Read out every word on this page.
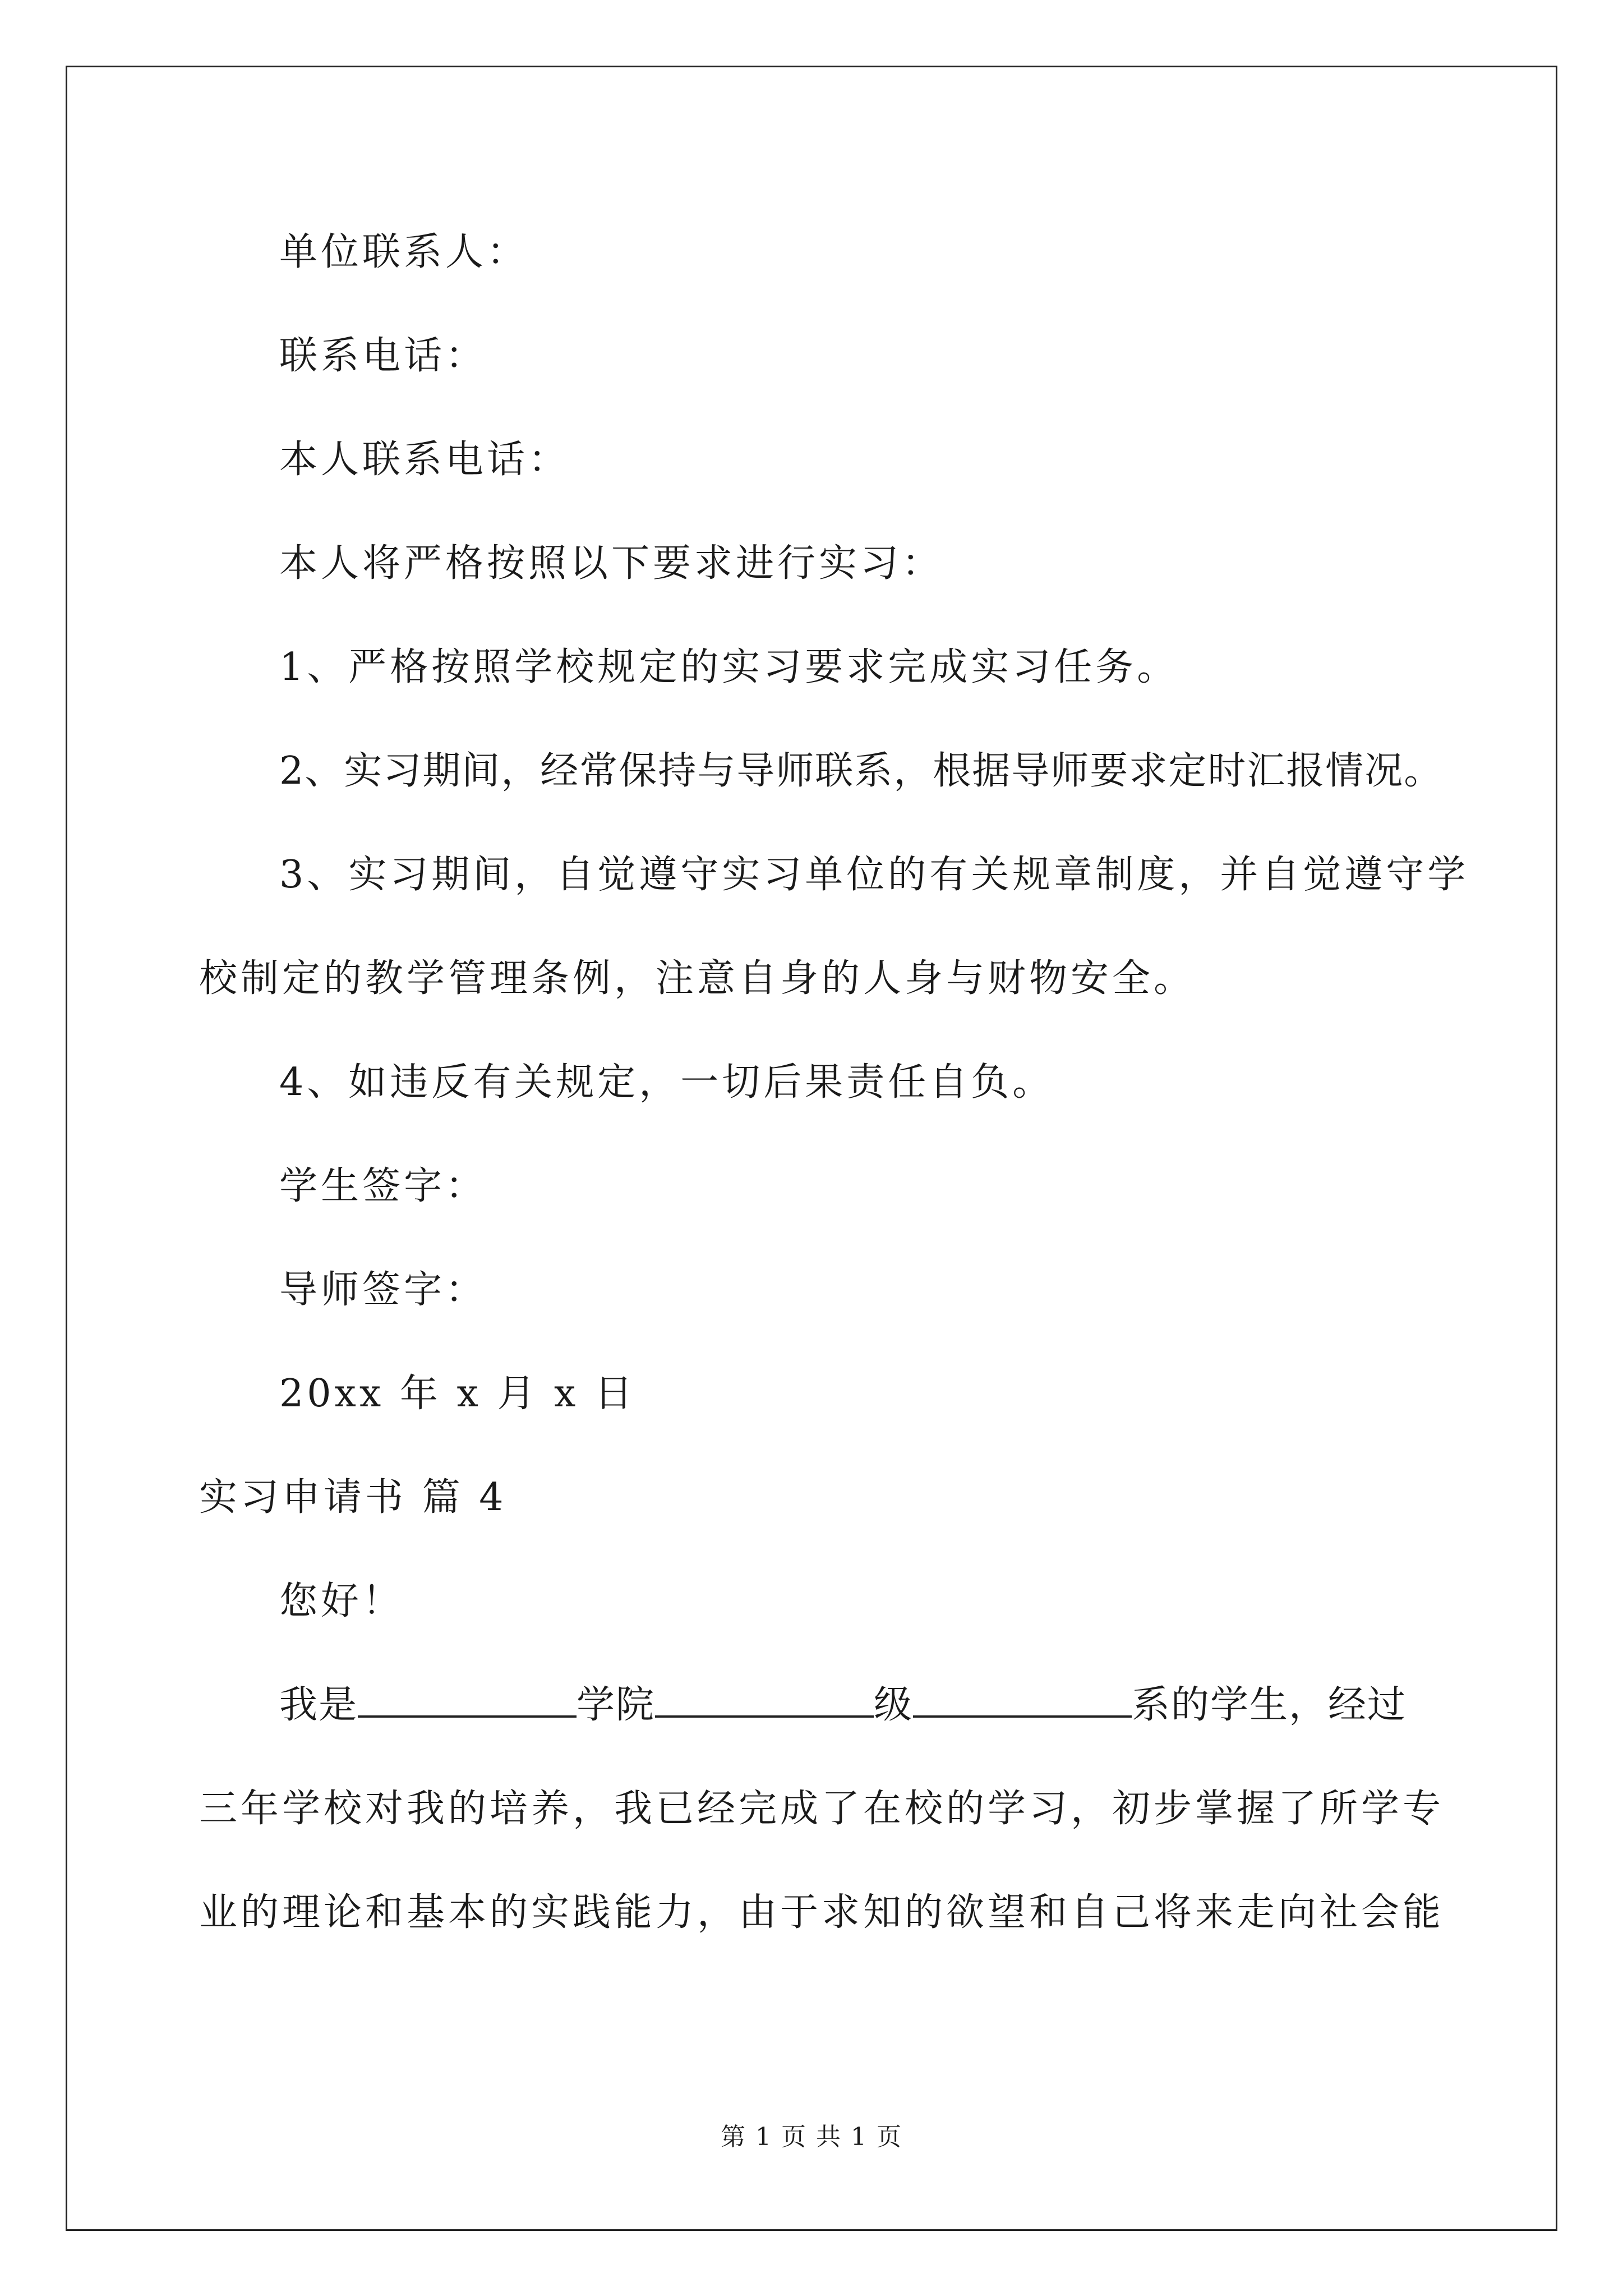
单位联系人：
联系电话：
本人联系电话：
本人将严格按照以下要求进行实习：
1、严格按照学校规定的实习要求完成实习任务。
2、实习期间，经常保持与导师联系，根据导师要求定时汇报情况。
3、实习期间，自觉遵守实习单位的有关规章制度，并自觉遵守学
校制定的教学管理条例，注意自身的人身与财物安全。
4、如违反有关规定，一切后果责任自负。
学生签字：
导师签字：
20xx 年 x 月 x 日
实习申请书 篇 4
您好！
我是	学院	级	系的学生，经过
三年学校对我的培养，我已经完成了在校的学习，初步掌握了所学专
业的理论和基本的实践能力，由于求知的欲望和自己将来走向社会能
第 1 页 共 1 页
